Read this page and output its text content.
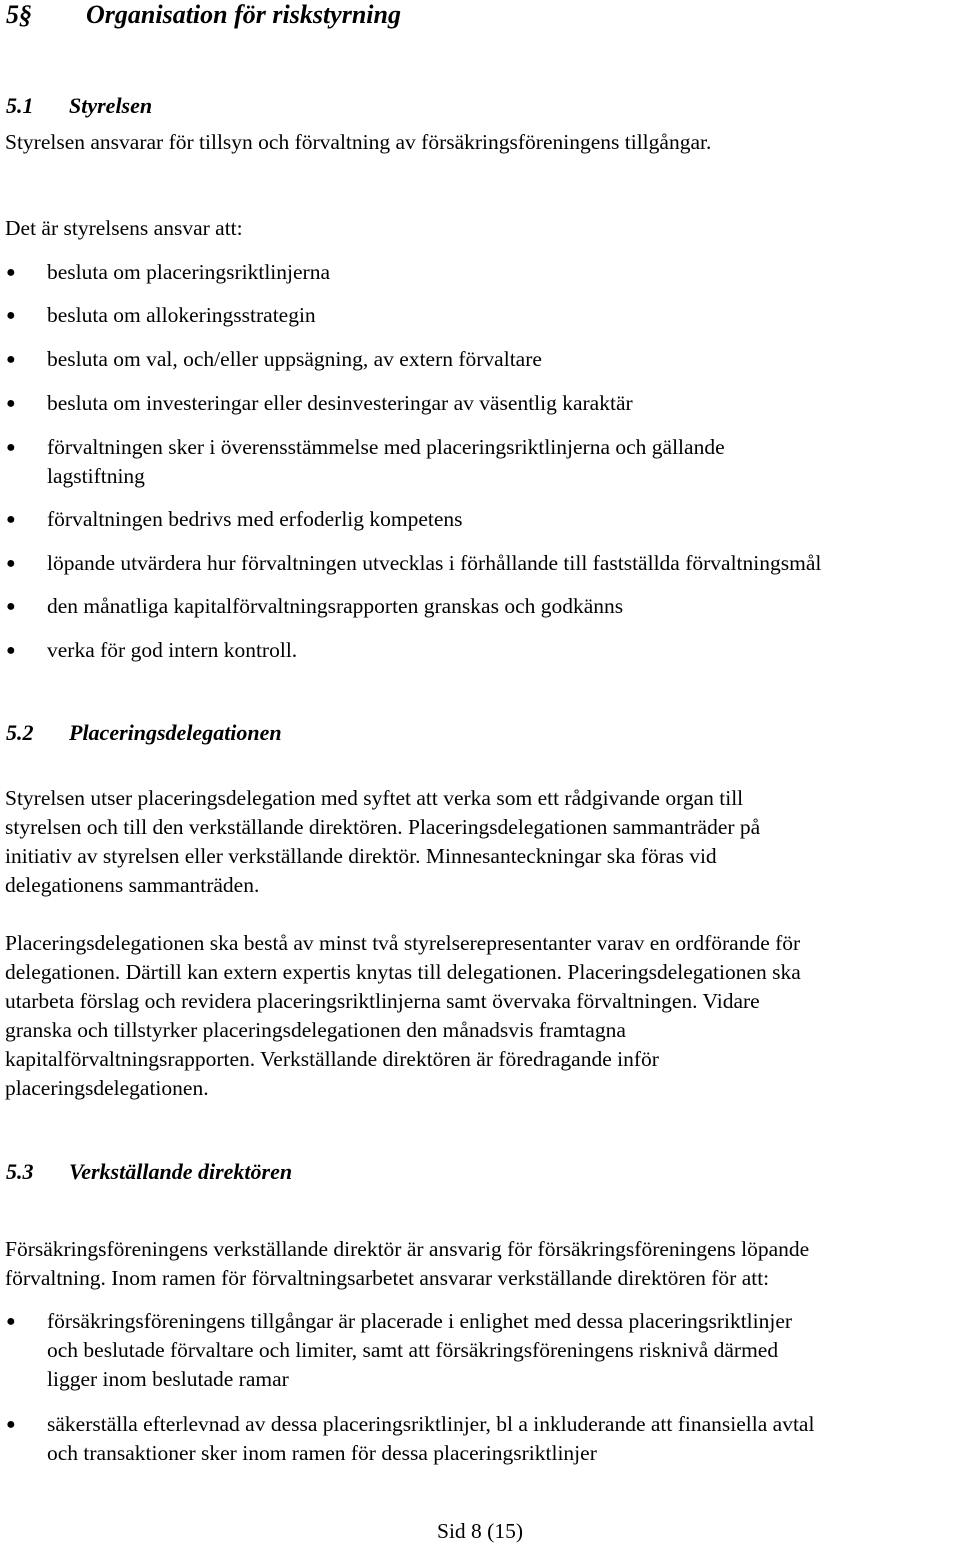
5§ Organisation för riskstyrning
5.1 Styrelsen
Styrelsen ansvarar för tillsyn och förvaltning av försäkringsföreningens tillgångar.
Det är styrelsens ansvar att:
● besluta om placeringsriktlinjerna
● besluta om allokeringsstrategin
● besluta om val, och/eller uppsägning, av extern förvaltare
● besluta om investeringar eller desinvesteringar av väsentlig karaktär
● förvaltningen sker i överensstämmelse med placeringsriktlinjerna och gällande
lagstiftning
● förvaltningen bedrivs med erfoderlig kompetens
● löpande utvärdera hur förvaltningen utvecklas i förhållande till fastställda förvaltningsmål
● den månatliga kapitalförvaltningsrapporten granskas och godkänns
● verka för god intern kontroll.
5.2 Placeringsdelegationen
Styrelsen utser placeringsdelegation med syftet att verka som ett rådgivande organ till
styrelsen och till den verkställande direktören. Placeringsdelegationen sammanträder på
initiativ av styrelsen eller verkställande direktör. Minnesanteckningar ska föras vid
delegationens sammanträden.
Placeringsdelegationen ska bestå av minst två styrelserepresentanter varav en ordförande för
delegationen. Därtill kan extern expertis knytas till delegationen. Placeringsdelegationen ska
utarbeta förslag och revidera placeringsriktlinjerna samt övervaka förvaltningen. Vidare
granska och tillstyrker placeringsdelegationen den månadsvis framtagna
kapitalförvaltningsrapporten. Verkställande direktören är föredragande inför
placeringsdelegationen.
5.3 Verkställande direktören
Försäkringsföreningens verkställande direktör är ansvarig för försäkringsföreningens löpande
förvaltning. Inom ramen för förvaltningsarbetet ansvarar verkställande direktören för att:
● försäkringsföreningens tillgångar är placerade i enlighet med dessa placeringsriktlinjer
och beslutade förvaltare och limiter, samt att försäkringsföreningens risknivå därmed
ligger inom beslutade ramar
● säkerställa efterlevnad av dessa placeringsriktlinjer, bl a inkluderande att finansiella avtal
och transaktioner sker inom ramen för dessa placeringsriktlinjer
Sid 8 (15)
